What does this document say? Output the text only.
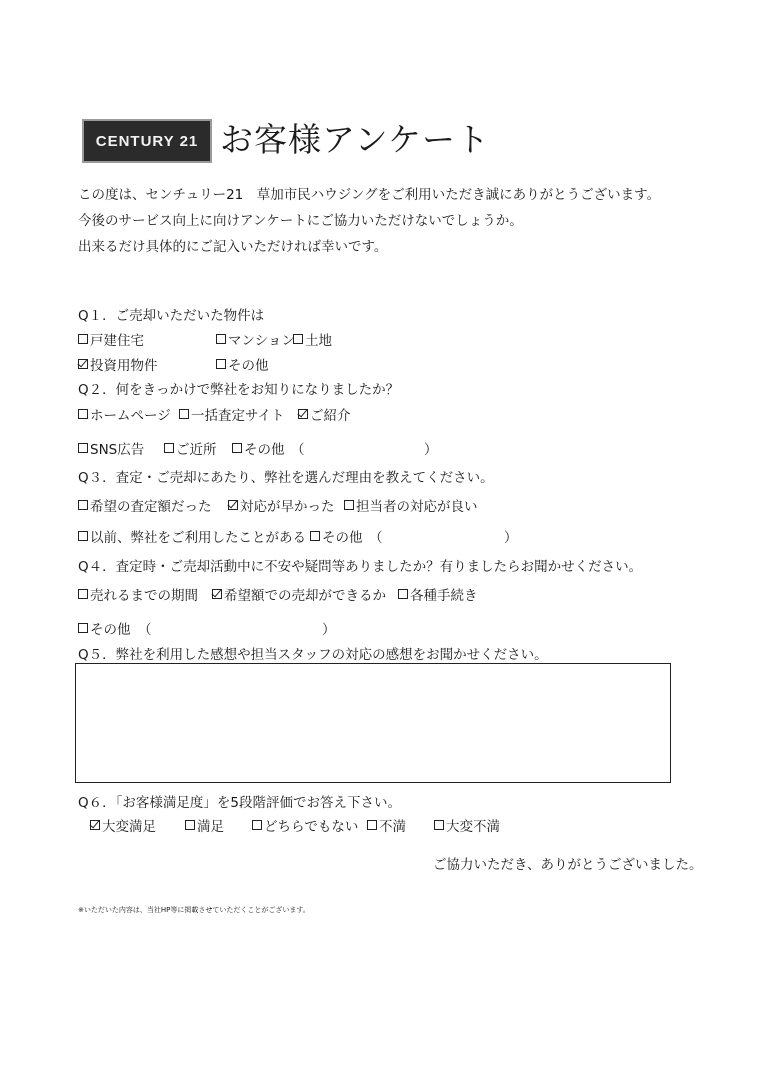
CENTURY 21 お客様アンケート
この度は、センチュリー21　草加市民ハウジングをご利用いただき誠にありがとうございます。
今後のサービス向上に向けアンケートにご協力いただけないでしょうか。
出来るだけ具体的にご記入いただければ幸いです。
Q１．ご売却いただいた物件は
戸建住宅	マンション 土地
投資用物件	その他
Q２．何をきっかけで弊社をお知りになりましたか？
ホームページ 一括査定サイト ご紹介
SNS広告 ご近所 その他 （	）
Q３．査定・ご売却にあたり、弊社を選んだ理由を教えてください。
希望の査定額だった 対応が早かった 担当者の対応が良い
以前、弊社をご利用したことがある その他 （	）
Q４．査定時・ご売却活動中に不安や疑問等ありましたか？有りましたらお聞かせください。
売れるまでの期間 希望額での売却ができるか 各種手続き
その他 （	）
Q５．弊社を利用した感想や担当スタッフの対応の感想をお聞かせください。
Q６．「お客様満足度」を5段階評価でお答え下さい。
大変満足	満足	どちらでもない 不満	大変不満
ご協力いただき、ありがとうございました。
※いただいた内容は、当社HP等に掲載させていただくことがございます。
